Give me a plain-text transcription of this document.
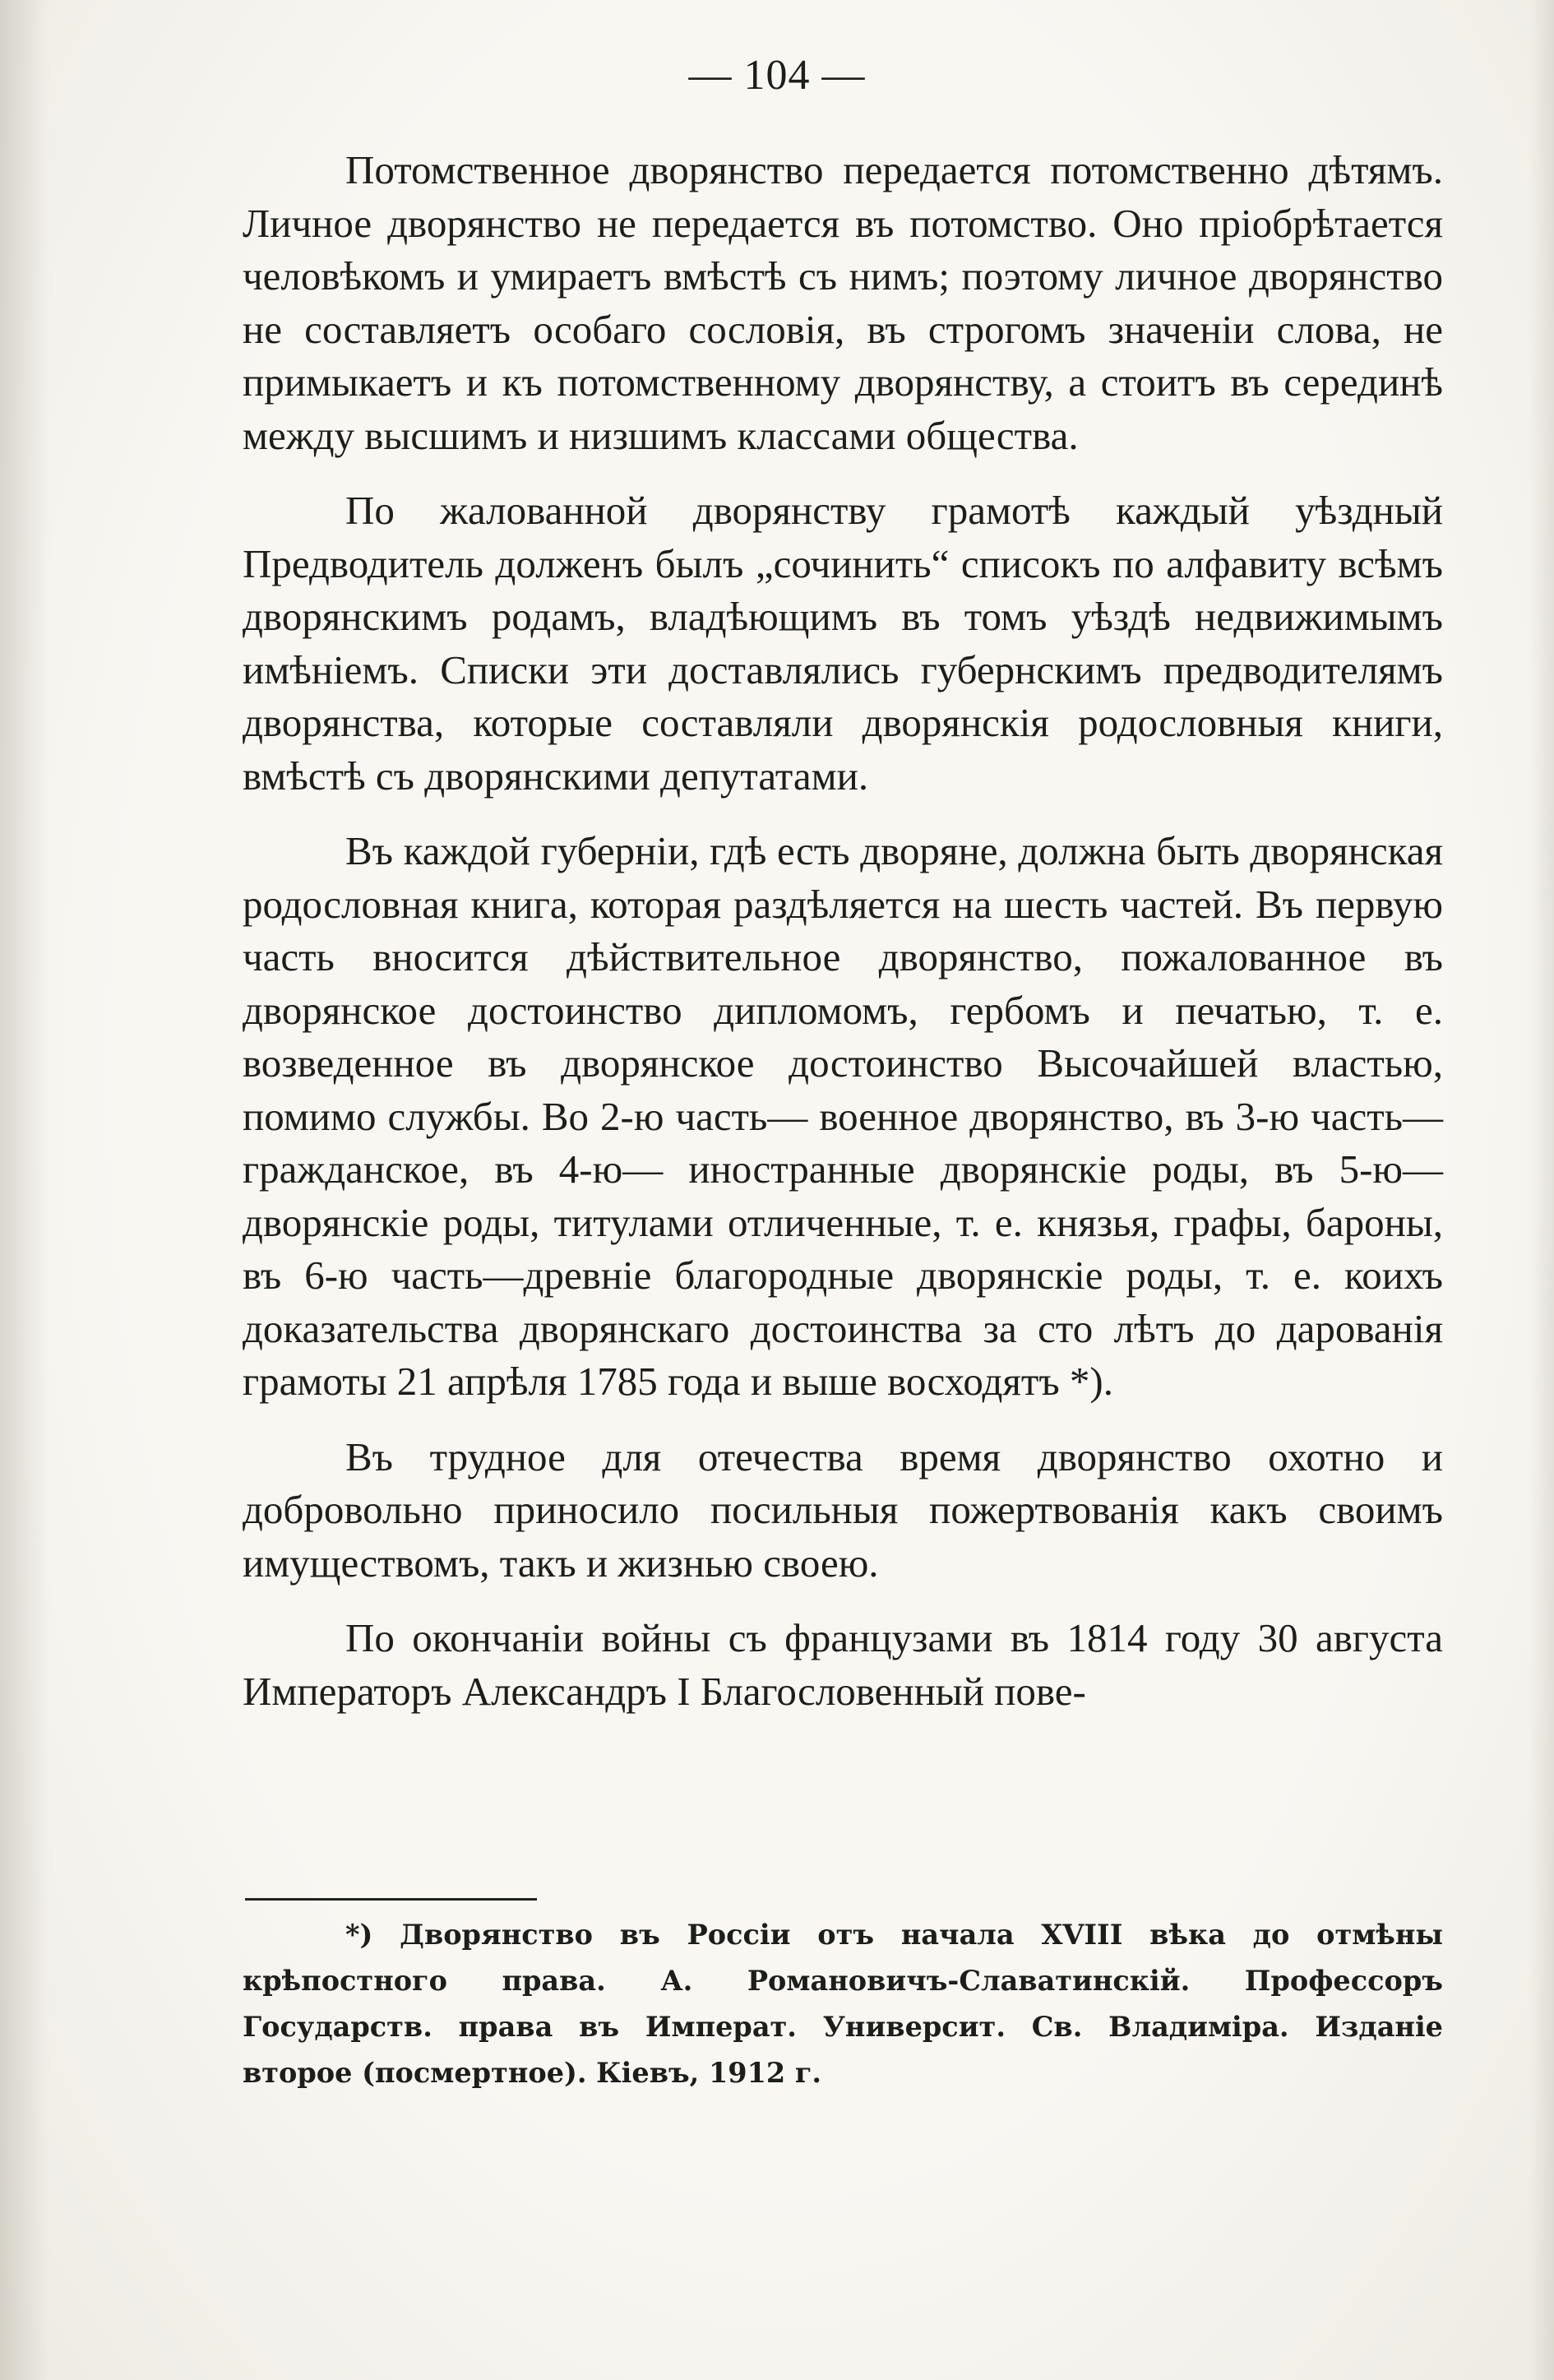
— 104 —

Потомственное дворянство передается потомственно дѣтямъ. Личное дворянство не передается въ потомство. Оно пріобрѣтается человѣкомъ и умираетъ вмѣстѣ съ нимъ; поэтому личное дворянство не составляетъ особаго сословія, въ строгомъ значеніи слова, не примыкаетъ и къ потомственному дворянству, а стоитъ въ серединѣ между высшимъ и низшимъ классами общества.

По жалованной дворянству грамотѣ каждый уѣздный Предводитель долженъ былъ „сочинить“ списокъ по алфавиту всѣмъ дворянскимъ родамъ, владѣющимъ въ томъ уѣздѣ недвижимымъ имѣніемъ. Списки эти доставлялись губернскимъ предводителямъ дворянства, которые составляли дворянскія родословныя книги, вмѣстѣ съ дворянскими депутатами.

Въ каждой губерніи, гдѣ есть дворяне, должна быть дворянская родословная книга, которая раздѣляется на шесть частей. Въ первую часть вносится дѣйствительное дворянство, пожалованное въ дворянское достоинство дипломомъ, гербомъ и печатью, т. е. возведенное въ дворянское достоинство Высочайшей властью, помимо службы. Во 2-ю часть— военное дворянство, въ 3-ю часть—гражданское, въ 4-ю— иностранные дворянскіе роды, въ 5-ю—дворянскіе роды, титулами отличенные, т. е. князья, графы, бароны, въ 6-ю часть—древніе благородные дворянскіе роды, т. е. коихъ доказательства дворянскаго достоинства за сто лѣтъ до дарованія грамоты 21 апрѣля 1785 года и выше восходятъ *).

Въ трудное для отечества время дворянство охотно и добровольно приносило посильныя пожертвованія какъ своимъ имуществомъ, такъ и жизнью своею.

По окончаніи войны съ французами въ 1814 году 30 августа Императоръ Александръ I Благословенный пове-

*) Дворянство въ Россіи отъ начала XVIII вѣка до отмѣны крѣпостного права. А. Романовичъ-Славатинскій. Профессоръ Государств. права въ Императ. Университ. Св. Владиміра. Изданіе второе (посмертное). Кіевъ, 1912 г.
